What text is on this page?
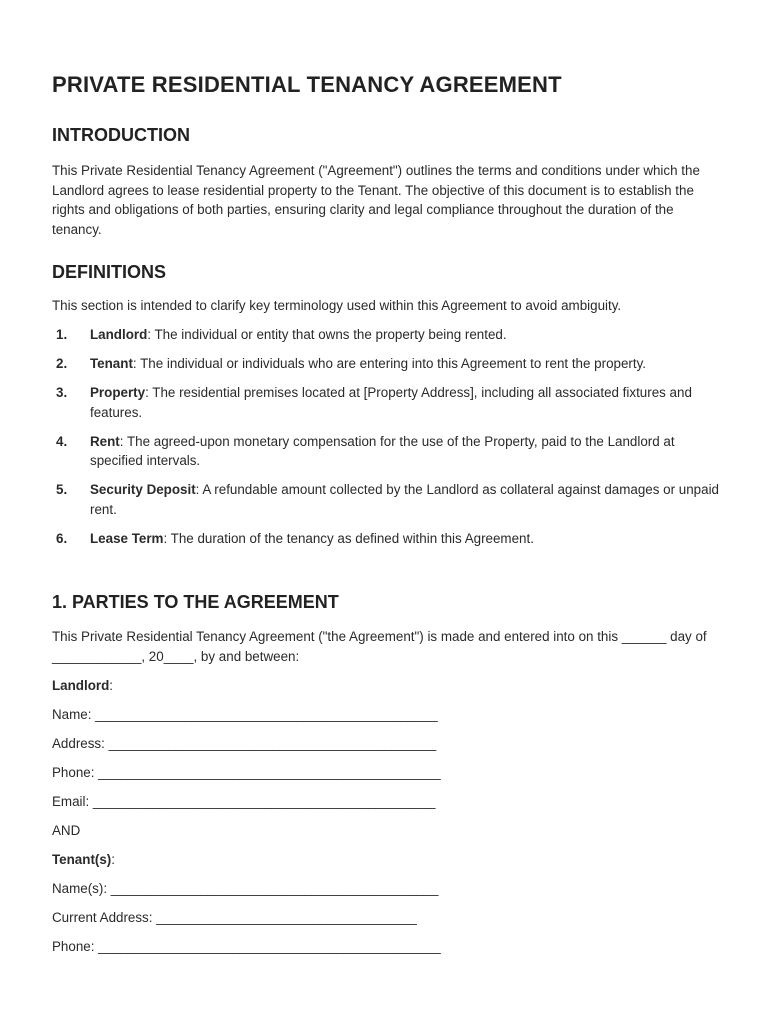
PRIVATE RESIDENTIAL TENANCY AGREEMENT
INTRODUCTION

This Private Residential Tenancy Agreement ("Agreement") outlines the terms and conditions under which the Landlord agrees to lease residential property to the Tenant. The objective of this document is to establish the rights and obligations of both parties, ensuring clarity and legal compliance throughout the duration of the tenancy.

DEFINITIONS

This section is intended to clarify key terminology used within this Agreement to avoid ambiguity.

1. Landlord: The individual or entity that owns the property being rented.
2. Tenant: The individual or individuals who are entering into this Agreement to rent the property.
3. Property: The residential premises located at [Property Address], including all associated fixtures and features.
4. Rent: The agreed-upon monetary compensation for the use of the Property, paid to the Landlord at specified intervals.
5. Security Deposit: A refundable amount collected by the Landlord as collateral against damages or unpaid rent.
6. Lease Term: The duration of the tenancy as defined within this Agreement.
1. PARTIES TO THE AGREEMENT

This Private Residential Tenancy Agreement ("the Agreement") is made and entered into on this ______ day of ____________, 20____, by and between:

Landlord:

Name: ______________________________________________

Address: ____________________________________________

Phone: ______________________________________________

Email: ______________________________________________

AND

Tenant(s):

Name(s): ____________________________________________

Current Address: ___________________________________

Phone: ______________________________________________
